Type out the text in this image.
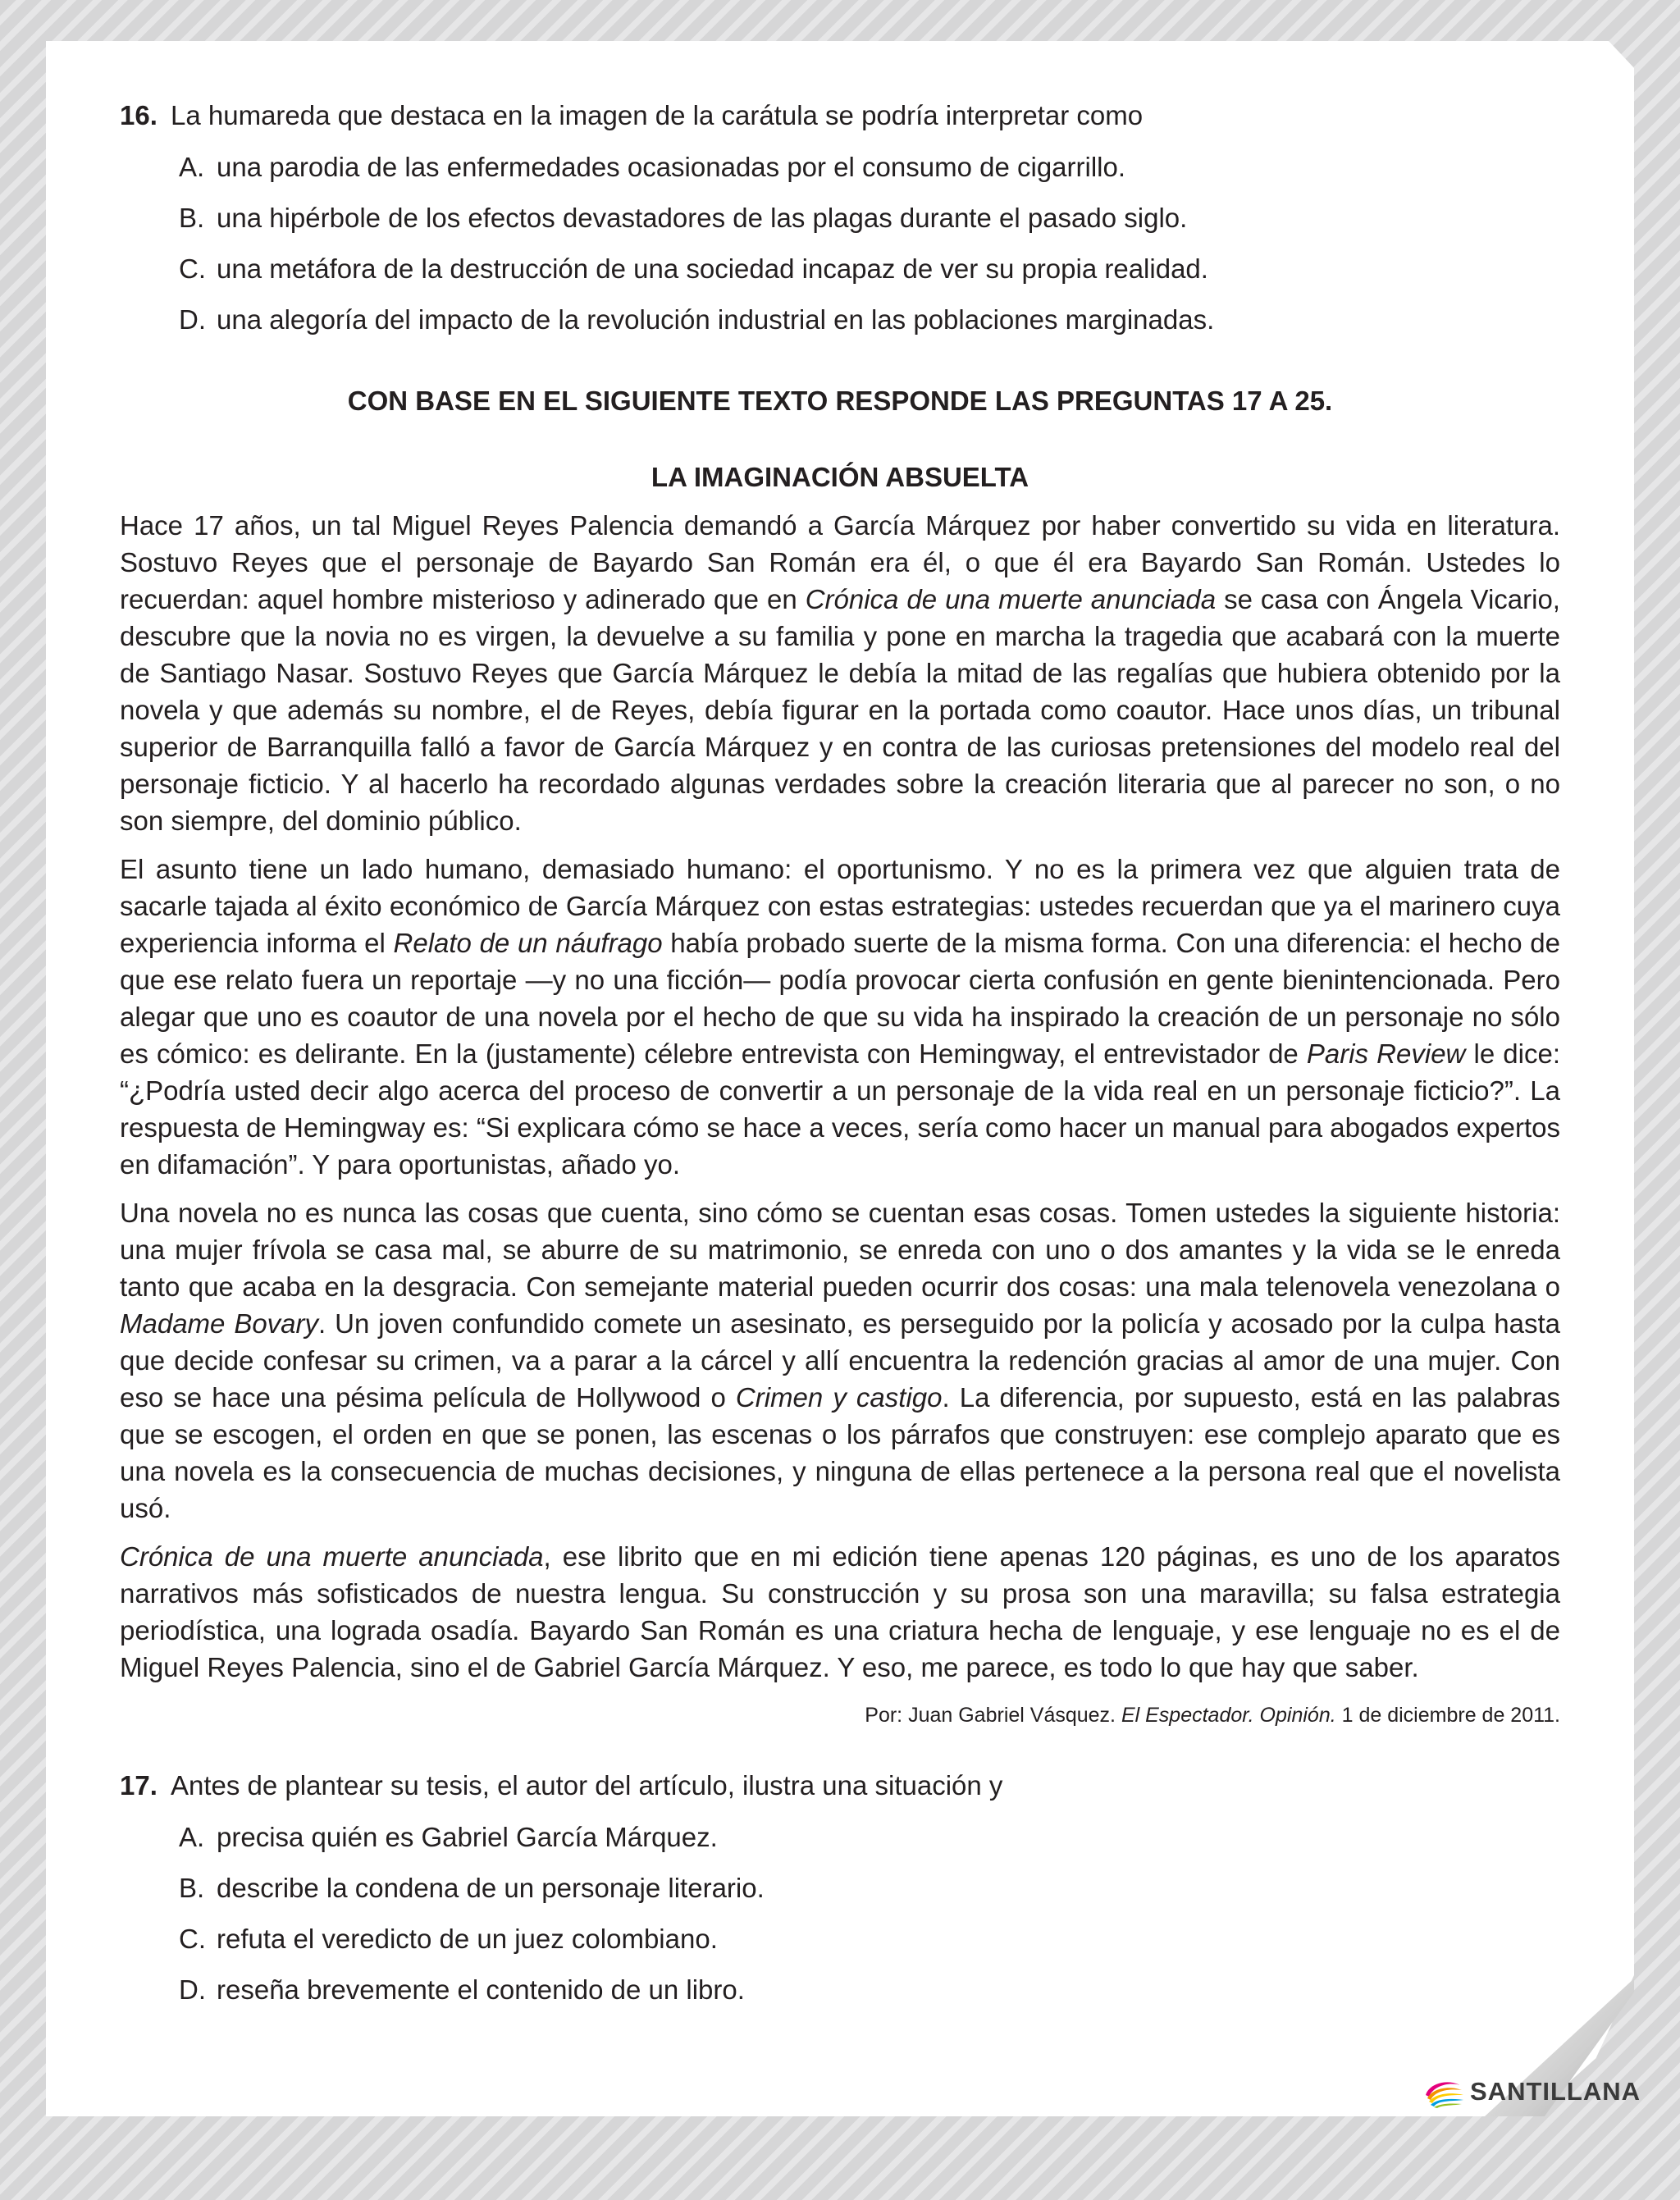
16. La humareda que destaca en la imagen de la carátula se podría interpretar como
A. una parodia de las enfermedades ocasionadas por el consumo de cigarrillo.
B. una hipérbole de los efectos devastadores de las plagas durante el pasado siglo.
C. una metáfora de la destrucción de una sociedad incapaz de ver su propia realidad.
D. una alegoría del impacto de la revolución industrial en las poblaciones marginadas.

CON BASE EN EL SIGUIENTE TEXTO RESPONDE LAS PREGUNTAS 17 A 25.

LA IMAGINACIÓN ABSUELTA

Hace 17 años, un tal Miguel Reyes Palencia demandó a García Márquez por haber convertido su vida en literatura. Sostuvo Reyes que el personaje de Bayardo San Román era él, o que él era Bayardo San Román. Ustedes lo recuerdan: aquel hombre misterioso y adinerado que en Crónica de una muerte anunciada se casa con Ángela Vicario, descubre que la novia no es virgen, la devuelve a su familia y pone en marcha la tragedia que acabará con la muerte de Santiago Nasar. Sostuvo Reyes que García Márquez le debía la mitad de las regalías que hubiera obtenido por la novela y que además su nombre, el de Reyes, debía figurar en la portada como coautor. Hace unos días, un tribunal superior de Barranquilla falló a favor de García Márquez y en contra de las curiosas pretensiones del modelo real del personaje ficticio. Y al hacerlo ha recordado algunas verdades sobre la creación literaria que al parecer no son, o no son siempre, del dominio público.

El asunto tiene un lado humano, demasiado humano: el oportunismo. Y no es la primera vez que alguien trata de sacarle tajada al éxito económico de García Márquez con estas estrategias: ustedes recuerdan que ya el marinero cuya experiencia informa el Relato de un náufrago había probado suerte de la misma forma. Con una diferencia: el hecho de que ese relato fuera un reportaje —y no una ficción— podía provocar cierta confusión en gente bienintencionada. Pero alegar que uno es coautor de una novela por el hecho de que su vida ha inspirado la creación de un personaje no sólo es cómico: es delirante. En la (justamente) célebre entrevista con Hemingway, el entrevistador de Paris Review le dice: “¿Podría usted decir algo acerca del proceso de convertir a un personaje de la vida real en un personaje ficticio?”. La respuesta de Hemingway es: “Si explicara cómo se hace a veces, sería como hacer un manual para abogados expertos en difamación”. Y para oportunistas, añado yo.

Una novela no es nunca las cosas que cuenta, sino cómo se cuentan esas cosas. Tomen ustedes la siguiente historia: una mujer frívola se casa mal, se aburre de su matrimonio, se enreda con uno o dos amantes y la vida se le enreda tanto que acaba en la desgracia. Con semejante material pueden ocurrir dos cosas: una mala telenovela venezolana o Madame Bovary. Un joven confundido comete un asesinato, es perseguido por la policía y acosado por la culpa hasta que decide confesar su crimen, va a parar a la cárcel y allí encuentra la redención gracias al amor de una mujer. Con eso se hace una pésima película de Hollywood o Crimen y castigo. La diferencia, por supuesto, está en las palabras que se escogen, el orden en que se ponen, las escenas o los párrafos que construyen: ese complejo aparato que es una novela es la consecuencia de muchas decisiones, y ninguna de ellas pertenece a la persona real que el novelista usó.

Crónica de una muerte anunciada, ese librito que en mi edición tiene apenas 120 páginas, es uno de los aparatos narrativos más sofisticados de nuestra lengua. Su construcción y su prosa son una maravilla; su falsa estrategia periodística, una lograda osadía. Bayardo San Román es una criatura hecha de lenguaje, y ese lenguaje no es el de Miguel Reyes Palencia, sino el de Gabriel García Márquez. Y eso, me parece, es todo lo que hay que saber.

Por: Juan Gabriel Vásquez. El Espectador. Opinión. 1 de diciembre de 2011.

17. Antes de plantear su tesis, el autor del artículo, ilustra una situación y
A. precisa quién es Gabriel García Márquez.
B. describe la condena de un personaje literario.
C. refuta el veredicto de un juez colombiano.
D. reseña brevemente el contenido de un libro.
SANTILLANA
